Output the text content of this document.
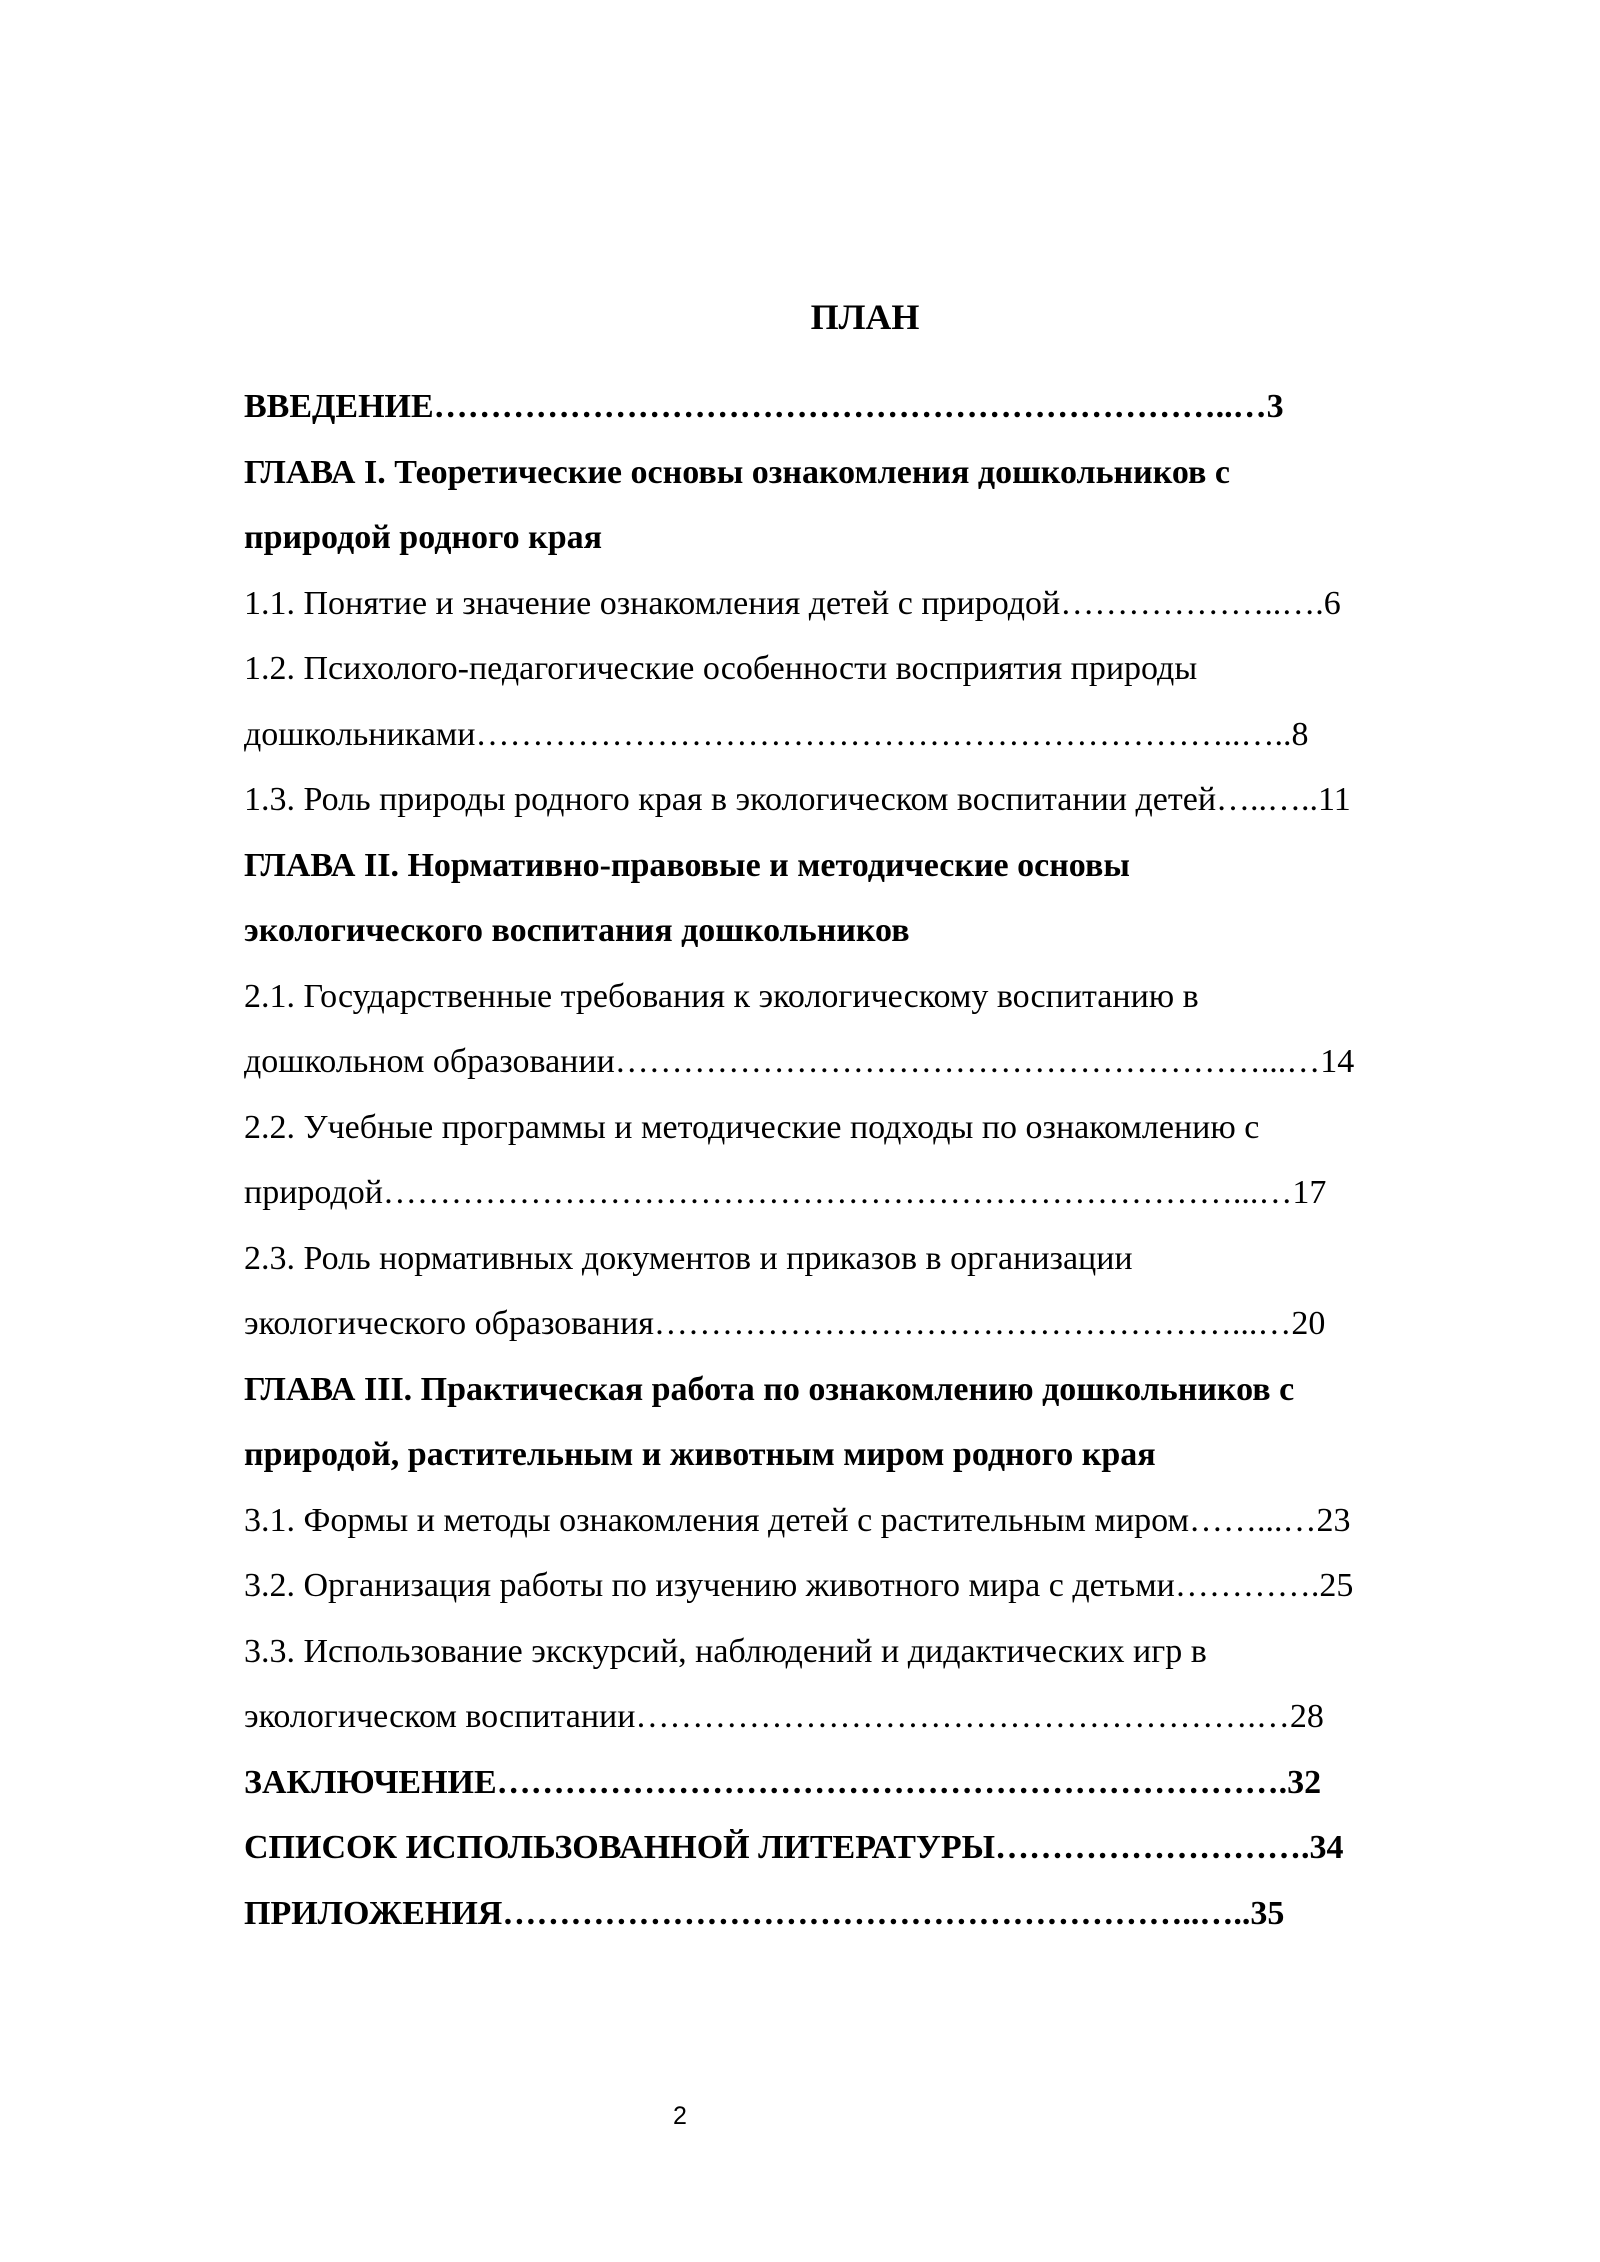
ПЛАН
ВВЕДЕНИЕ……………………………………………………………..…3
ГЛАВА I. Теоретические основы ознакомления дошкольников с
природой родного края
1.1. Понятие и значение ознакомления детей с природой………………..….6
1.2. Психолого-педагогические особенности восприятия природы
дошкольниками…………………………………………………………..…..8
1.3. Роль природы родного края в экологическом воспитании детей…..…..11
ГЛАВА II. Нормативно-правовые и методические основы
экологического воспитания дошкольников
2.1. Государственные требования к экологическому воспитанию в
дошкольном образовании…………………………………………………...…14
2.2. Учебные программы и методические подходы по ознакомлению с
природой…………………………………………………………………...…17
2.3. Роль нормативных документов и приказов в организации
экологического образования……………………………………………...…20
ГЛАВА III. Практическая работа по ознакомлению дошкольников с
природой, растительным и животным миром родного края
3.1. Формы и методы ознакомления детей с растительным миром……...…23
3.2. Организация работы по изучению животного мира с детьми………….25
3.3. Использование экскурсий, наблюдений и дидактических игр в
экологическом воспитании……………………………………………….…28
ЗАКЛЮЧЕНИЕ…………………………………………………………….32
СПИСОК ИСПОЛЬЗОВАННОЙ ЛИТЕРАТУРЫ……………………….34
ПРИЛОЖЕНИЯ……………………………………………………..…..35
2
